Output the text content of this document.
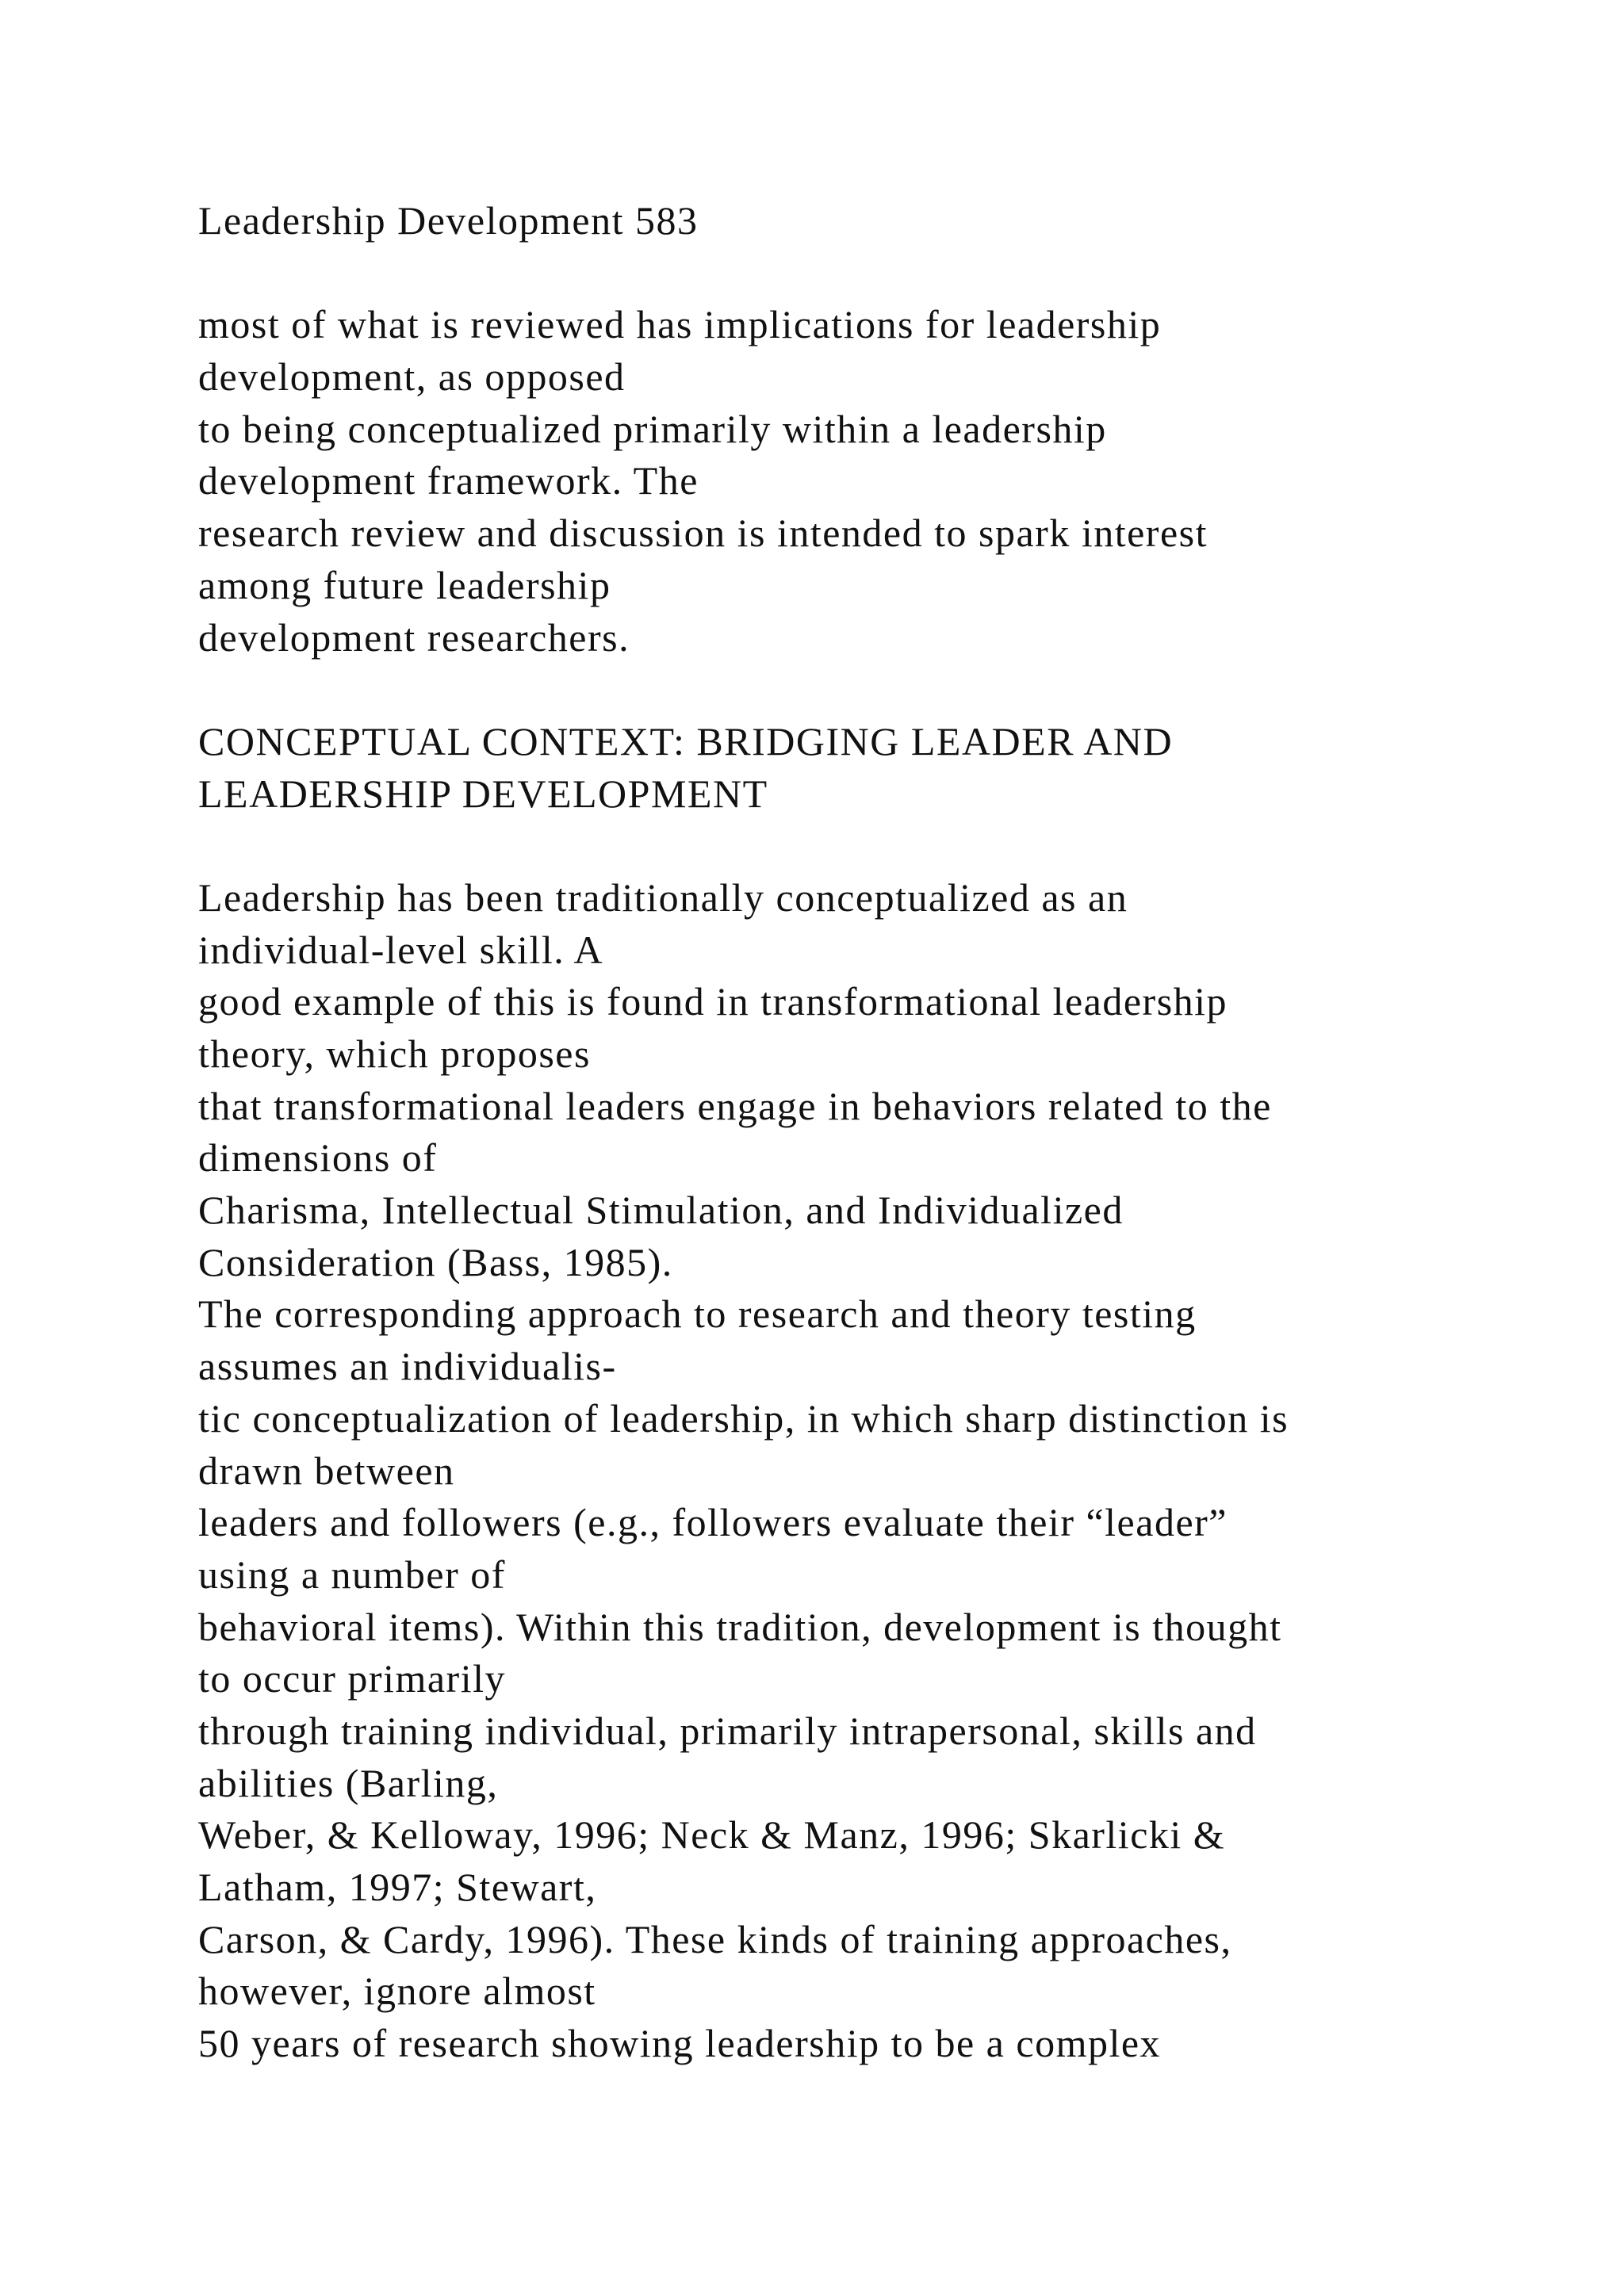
Leadership Development 583
most of what is reviewed has implications for leadership
development, as opposed
to being conceptualized primarily within a leadership
development framework. The
research review and discussion is intended to spark interest
among future leadership
development researchers.
CONCEPTUAL CONTEXT: BRIDGING LEADER AND
LEADERSHIP DEVELOPMENT
Leadership has been traditionally conceptualized as an
individual-level skill. A
good example of this is found in transformational leadership
theory, which proposes
that transformational leaders engage in behaviors related to the
dimensions of
Charisma, Intellectual Stimulation, and Individualized
Consideration (Bass, 1985).
The corresponding approach to research and theory testing
assumes an individualis-
tic conceptualization of leadership, in which sharp distinction is
drawn between
leaders and followers (e.g., followers evaluate their “leader”
using a number of
behavioral items). Within this tradition, development is thought
to occur primarily
through training individual, primarily intrapersonal, skills and
abilities (Barling,
Weber, & Kelloway, 1996; Neck & Manz, 1996; Skarlicki &
Latham, 1997; Stewart,
Carson, & Cardy, 1996). These kinds of training approaches,
however, ignore almost
50 years of research showing leadership to be a complex
